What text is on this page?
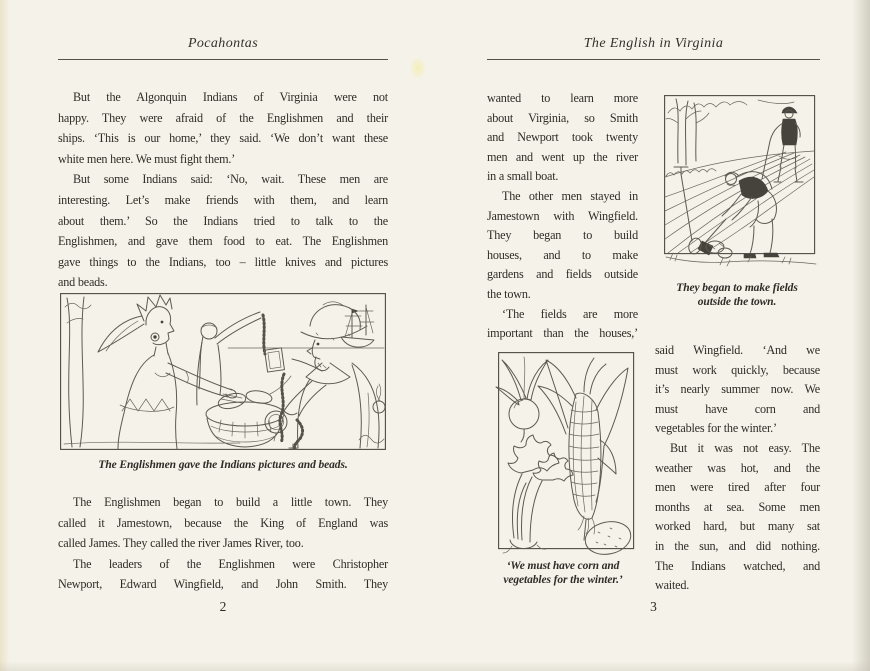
Pocahontas
But the Algonquin Indians of Virginia were not
happy. They were afraid of the Englishmen and their
ships. ‘This is our home,’ they said. ‘We don’t want these
white men here. We must fight them.’
But some Indians said: ‘No, wait. These men are
interesting. Let’s make friends with them, and learn
about them.’ So the Indians tried to talk to the
Englishmen, and gave them food to eat. The Englishmen
gave things to the Indians, too – little knives and pictures
and beads.
The Englishmen gave the Indians pictures and beads.
The Englishmen began to build a little town. They
called it Jamestown, because the King of England was
called James. They called the river James River, too.
The leaders of the Englishmen were Christopher
Newport, Edward Wingfield, and John Smith. They
2
The English in Virginia
wanted to learn more
about Virginia, so Smith
and Newport took twenty
men and went up the river
in a small boat.
The other men stayed in
Jamestown with Wingfield.
They began to build
houses, and to make
gardens and fields outside
the town.
‘The fields are more
important than the houses,’
They began to make fields
outside the town.
‘We must have corn and
vegetables for the winter.’
said Wingfield. ‘And we
must work quickly, because
it’s nearly summer now. We
must have corn and
vegetables for the winter.’
But it was not easy. The
weather was hot, and the
men were tired after four
months at sea. Some men
worked hard, but many sat
in the sun, and did nothing.
The Indians watched, and
waited.
3
